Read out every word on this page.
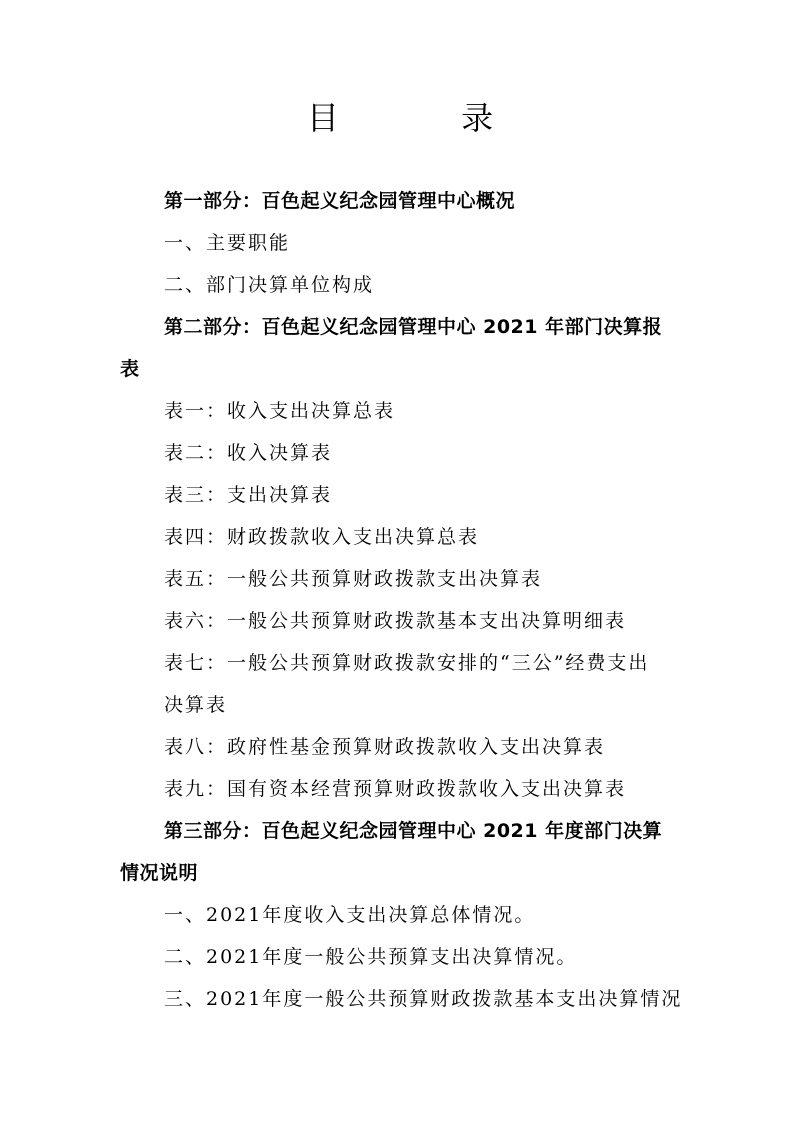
目 录
第一部分：百色起义纪念园管理中心概况
一、主要职能
二、部门决算单位构成
第二部分：百色起义纪念园管理中心 2021 年部门决算报
表
表一：收入支出决算总表
表二：收入决算表
表三：支出决算表
表四：财政拨款收入支出决算总表
表五：一般公共预算财政拨款支出决算表
表六：一般公共预算财政拨款基本支出决算明细表
表七：一般公共预算财政拨款安排的“三公”经费支出
决算表
表八：政府性基金预算财政拨款收入支出决算表
表九：国有资本经营预算财政拨款收入支出决算表
第三部分：百色起义纪念园管理中心 2021 年度部门决算
情况说明
一、2021年度收入支出决算总体情况。
二、2021年度一般公共预算支出决算情况。
三、2021年度一般公共预算财政拨款基本支出决算情况
